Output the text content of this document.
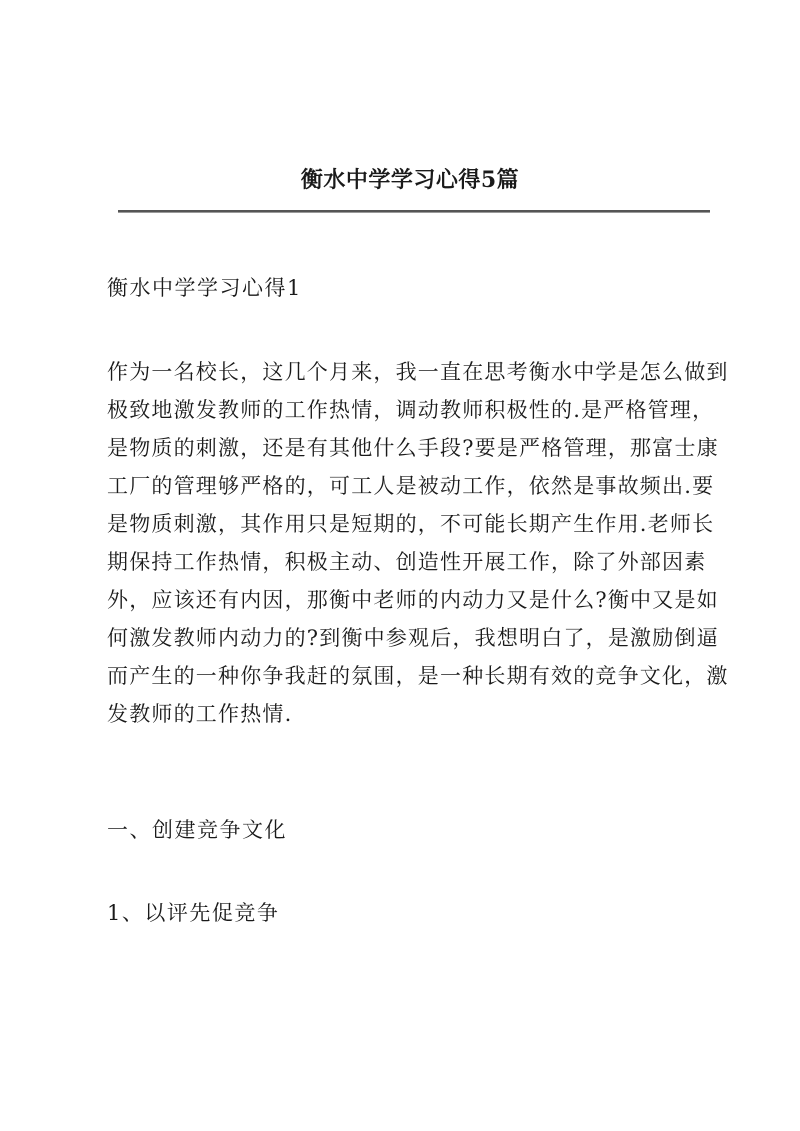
衡水中学学习心得5篇
衡水中学学习心得1
作为一名校长，这几个月来，我一直在思考衡水中学是怎么做到
极致地激发教师的工作热情，调动教师积极性的.是严格管理，
是物质的刺激，还是有其他什么手段?要是严格管理，那富士康
工厂的管理够严格的，可工人是被动工作，依然是事故频出.要
是物质刺激，其作用只是短期的，不可能长期产生作用.老师长
期保持工作热情，积极主动、创造性开展工作，除了外部因素
外，应该还有内因，那衡中老师的内动力又是什么?衡中又是如
何激发教师内动力的?到衡中参观后，我想明白了，是激励倒逼
而产生的一种你争我赶的氛围，是一种长期有效的竞争文化，激
发教师的工作热情.
一、创建竞争文化
1、以评先促竞争
